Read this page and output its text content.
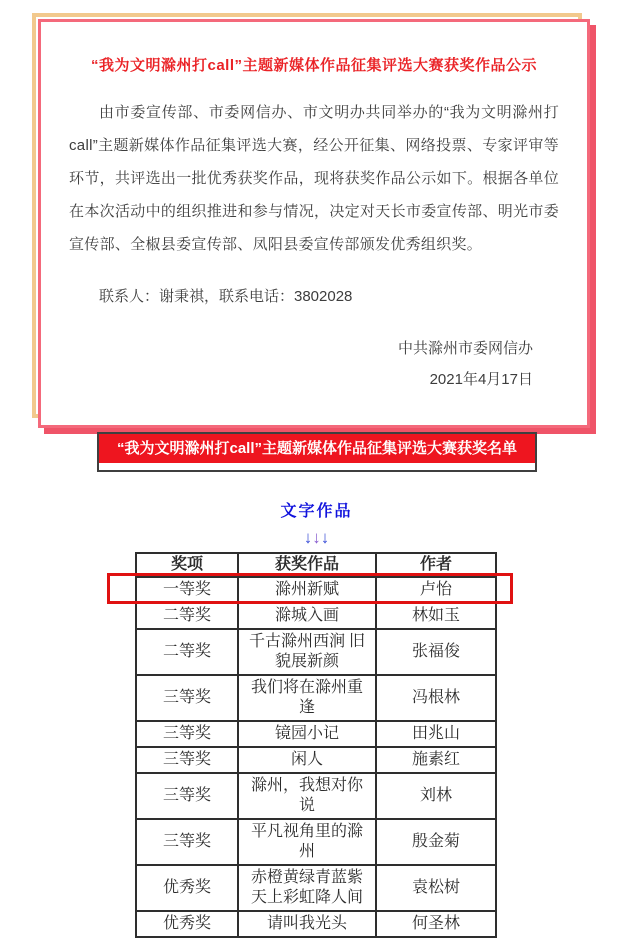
“我为文明滁州打call”主题新媒体作品征集评选大赛获奖作品公示
由市委宣传部、市委网信办、市文明办共同举办的“我为文明滁州打call”主题新媒体作品征集评选大赛，经公开征集、网络投票、专家评审等环节，共评选出一批优秀获奖作品，现将获奖作品公示如下。根据各单位在本次活动中的组织推进和参与情况，决定对天长市委宣传部、明光市委宣传部、全椒县委宣传部、凤阳县委宣传部颁发优秀组织奖。
联系人：谢秉祺，联系电话：3802028
中共滁州市委网信办
2021年4月17日
“我为文明滁州打call”主题新媒体作品征集评选大赛获奖名单
文字作品
↓↓↓
奖项	获奖作品	作者
一等奖	滁州新赋	卢怡
二等奖	滁城入画	林如玉
二等奖	千古滁州西涧 旧貌展新颜	张福俊
三等奖	我们将在滁州重逢	冯根林
三等奖	镜园小记	田兆山
三等奖	闲人	施素红
三等奖	滁州，我想对你说	刘林
三等奖	平凡视角里的滁州	殷金菊
优秀奖	赤橙黄绿青蓝紫 天上彩虹降人间	袁松树
优秀奖	请叫我光头	何圣林
